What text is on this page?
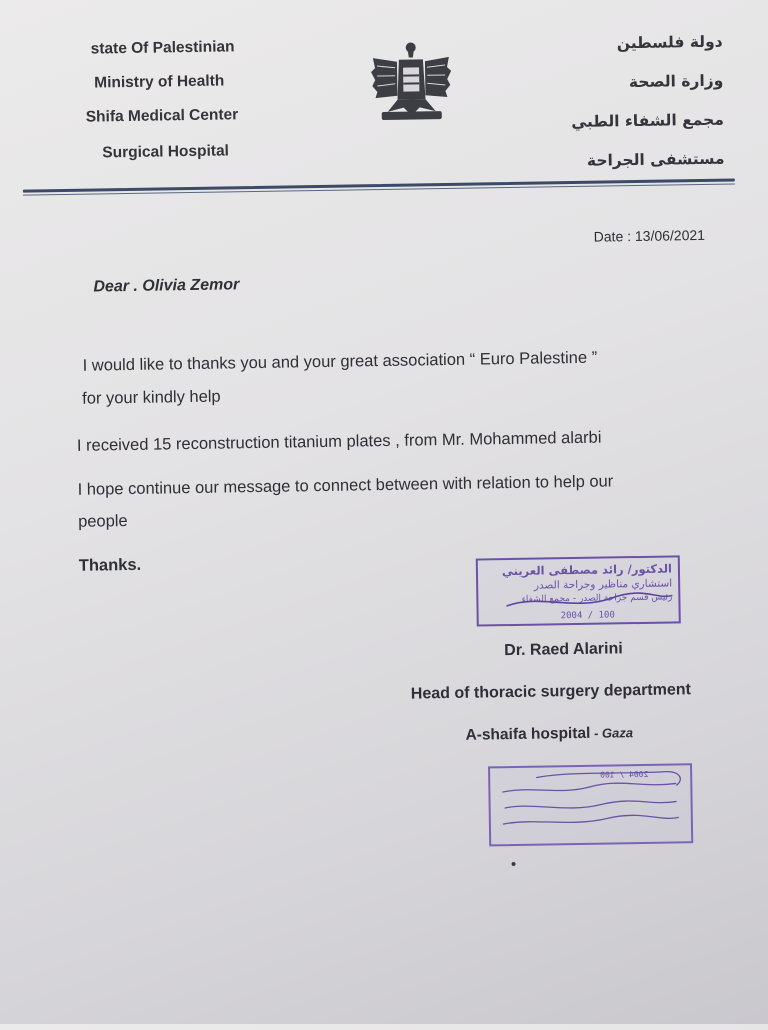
state Of Palestinian
Ministry of Health
Shifa Medical Center
Surgical Hospital
دولة فلسطين
وزارة الصحة
مجمع الشفاء الطبي
مستشفى الجراحة
Date : 13/06/2021
Dear . Olivia Zemor
I would like to thanks you and your great association “ Euro Palestine ”
for your kindly help
I received 15 reconstruction titanium plates , from Mr. Mohammed alarbi
I hope continue our message to connect between with relation to help our
people
Thanks.	الدكتور/ رائد مصطفى العريني
استشاري مناظير وجراحة الصدر
رئيس قسم جراحة الصدر - مجمع الشفاء
2004 / 100
Dr. Raed Alarini
Head of thoracic surgery department
A-shaifa hospital - Gaza
2004 / 100
